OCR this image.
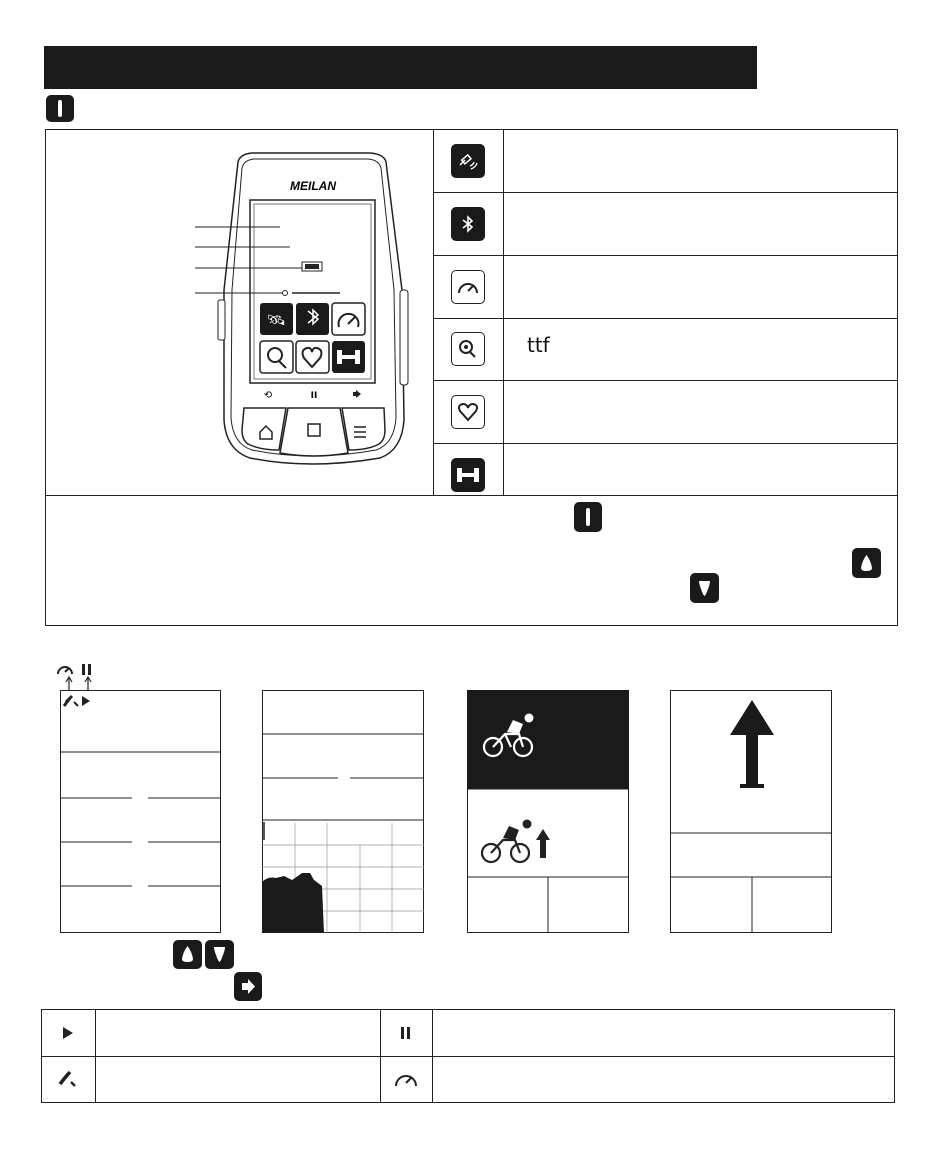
MEILAN
🛰
⟲	II
ttf
